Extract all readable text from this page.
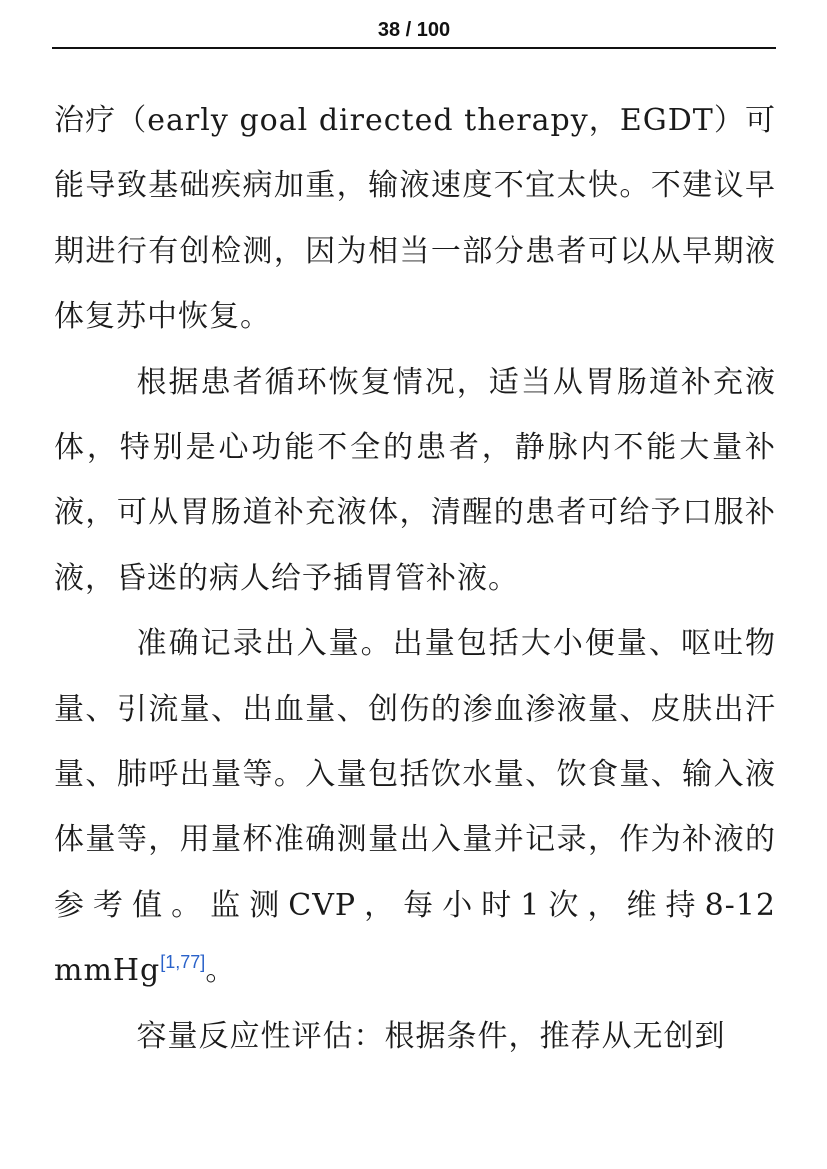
38 / 100

治疗（early goal directed therapy，EGDT）可能导致基础疾病加重，输液速度不宜太快。不建议早期进行有创检测，因为相当一部分患者可以从早期液体复苏中恢复。

根据患者循环恢复情况，适当从胃肠道补充液体，特别是心功能不全的患者，静脉内不能大量补液，可从胃肠道补充液体，清醒的患者可给予口服补液，昏迷的病人给予插胃管补液。

准确记录出入量。出量包括大小便量、呕吐物量、引流量、出血量、创伤的渗血渗液量、皮肤出汗量、肺呼出量等。入量包括饮水量、饮食量、输入液体量等，用量杯准确测量出入量并记录，作为补液的参考值。监测CVP，每小时1次，维持8-12 mmHg[1,77]。

容量反应性评估：根据条件，推荐从无创到
